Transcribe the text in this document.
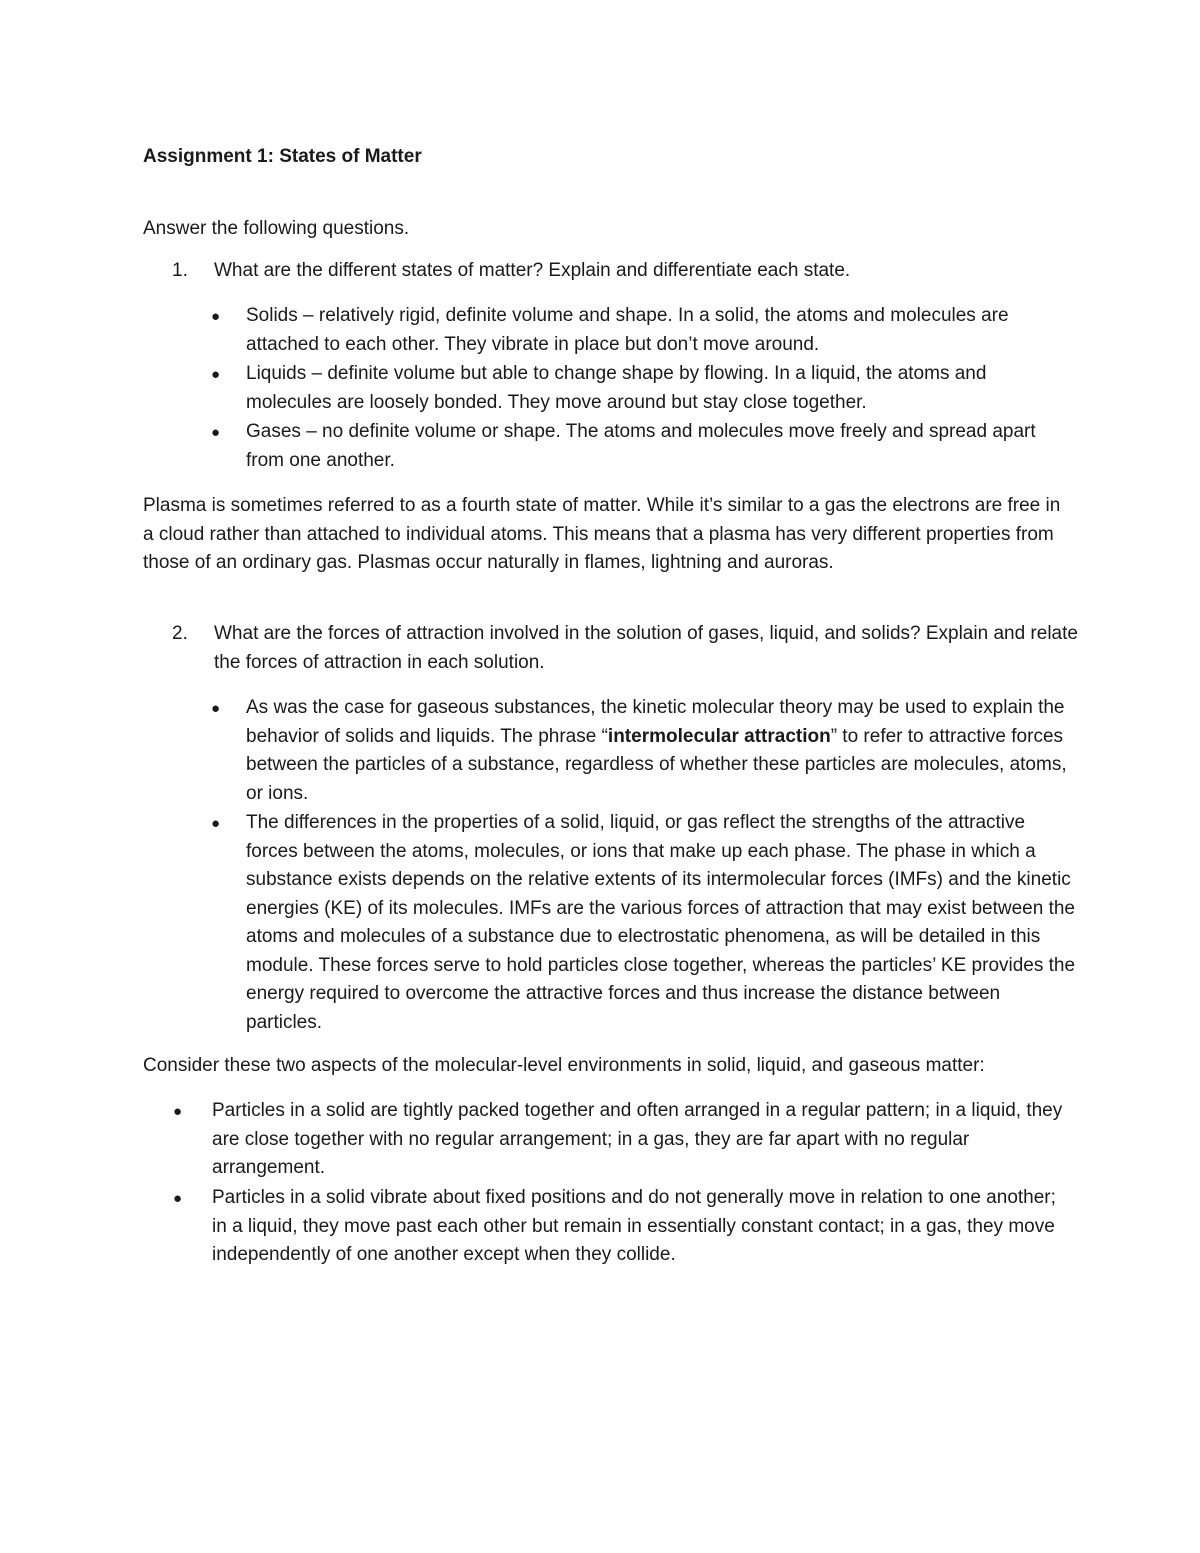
Assignment 1: States of Matter
Answer the following questions.
1. What are the different states of matter? Explain and differentiate each state.
● Solids – relatively rigid, definite volume and shape. In a solid, the atoms and molecules are attached to each other. They vibrate in place but don’t move around.
● Liquids – definite volume but able to change shape by flowing. In a liquid, the atoms and molecules are loosely bonded. They move around but stay close together.
● Gases – no definite volume or shape. The atoms and molecules move freely and spread apart from one another.
Plasma is sometimes referred to as a fourth state of matter. While it’s similar to a gas the electrons are free in a cloud rather than attached to individual atoms. This means that a plasma has very different properties from those of an ordinary gas. Plasmas occur naturally in flames, lightning and auroras.
2. What are the forces of attraction involved in the solution of gases, liquid, and solids? Explain and relate the forces of attraction in each solution.
● As was the case for gaseous substances, the kinetic molecular theory may be used to explain the behavior of solids and liquids. The phrase “intermolecular attraction” to refer to attractive forces between the particles of a substance, regardless of whether these particles are molecules, atoms, or ions.
● The differences in the properties of a solid, liquid, or gas reflect the strengths of the attractive forces between the atoms, molecules, or ions that make up each phase. The phase in which a substance exists depends on the relative extents of its intermolecular forces (IMFs) and the kinetic energies (KE) of its molecules. IMFs are the various forces of attraction that may exist between the atoms and molecules of a substance due to electrostatic phenomena, as will be detailed in this module. These forces serve to hold particles close together, whereas the particles’ KE provides the energy required to overcome the attractive forces and thus increase the distance between particles.
Consider these two aspects of the molecular-level environments in solid, liquid, and gaseous matter:
● Particles in a solid are tightly packed together and often arranged in a regular pattern; in a liquid, they are close together with no regular arrangement; in a gas, they are far apart with no regular arrangement.
● Particles in a solid vibrate about fixed positions and do not generally move in relation to one another; in a liquid, they move past each other but remain in essentially constant contact; in a gas, they move independently of one another except when they collide.
